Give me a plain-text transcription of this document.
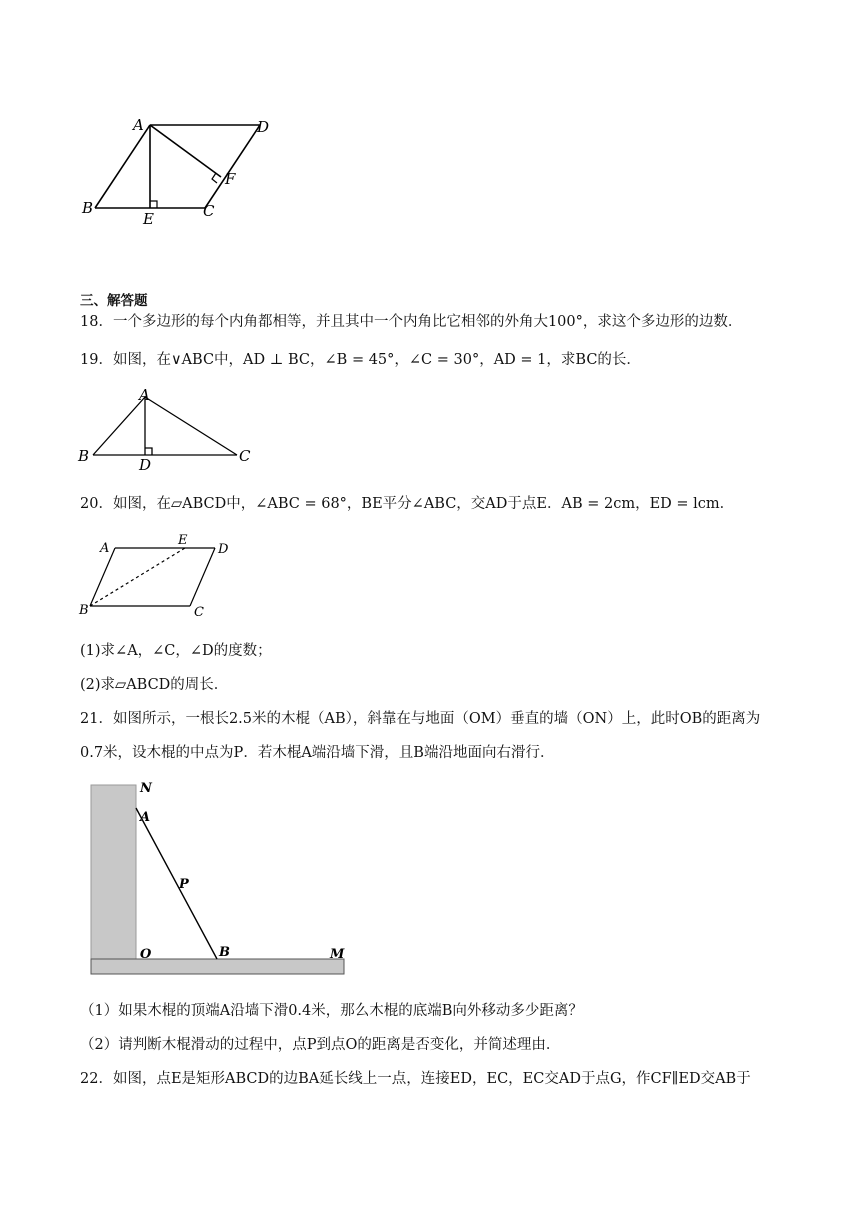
A	D
F
B
E	C
三、解答题
18．一个多边形的每个内角都相等，并且其中一个内角比它相邻的外角大100°，求这个多边形的边数．
19．如图，在∨ABC中，AD ⊥ BC，∠B = 45°，∠C = 30°，AD = 1，求BC的长．
A
B	D	C
20．如图，在▱ABCD中，∠ABC = 68°，BE平分∠ABC，交AD于点E．AB = 2cm，ED = lcm．
A
E
D
B	C
(1)求∠A，∠C，∠D的度数；
(2)求▱ABCD的周长．
21．如图所示，一根长2.5米的木棍（AB），斜靠在与地面（OM）垂直的墙（ON）上，此时OB的距离为
0.7米，设木棍的中点为P．若木棍A端沿墙下滑，且B端沿地面向右滑行．
N
A
P
O	B	M
（1）如果木棍的顶端A沿墙下滑0.4米，那么木棍的底端B向外移动多少距离？
（2）请判断木棍滑动的过程中，点P到点O的距离是否变化，并简述理由．
22．如图，点E是矩形ABCD的边BA延长线上一点，连接ED，EC，EC交AD于点G，作CF∥ED交AB于
